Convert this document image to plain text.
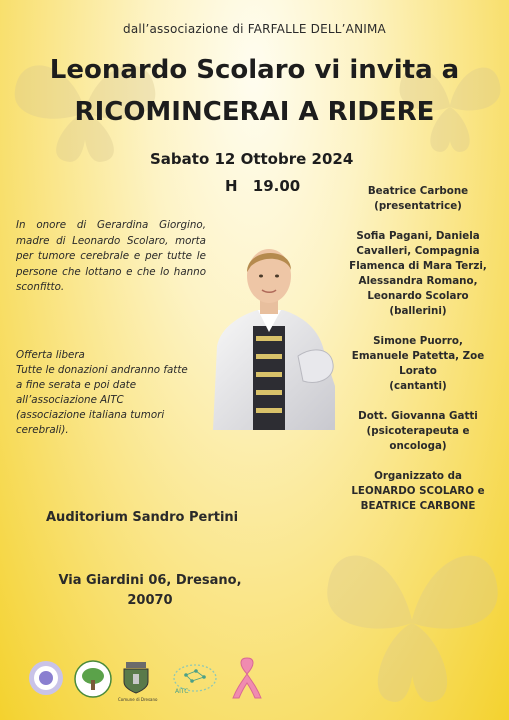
dall’associazione di FARFALLE DELL’ANIMA
Leonardo Scolaro vi invita a
RICOMINCERAI A RIDERE
Sabato 12 Ottobre 2024
H 19.00

In onore di Gerardina Giorgino, madre di Leonardo Scolaro, morta per tumore cerebrale e per tutte le persone che lottano e che lo hanno sconfitto.

Offerta libera
Tutte le donazioni andranno fatte a fine serata e poi date all’associazione AITC (associazione italiana tumori cerebrali).
Beatrice Carbone
(presentatrice)
Sofia Pagani, Daniela
Cavalleri, Compagnia
Flamenca di Mara Terzi,
Alessandra Romano,
Leonardo Scolaro
(ballerini)
Simone Puorro,
Emanuele Patetta, Zoe
Lorato
(cantanti)
Dott. Giovanna Gatti
(psicoterapeuta e
oncologa)
Organizzato da
LEONARDO SCOLARO e
BEATRICE CARBONE
Auditorium Sandro Pertini
Via Giardini 06, Dresano,
20070
Comune di Dresano
AITC
